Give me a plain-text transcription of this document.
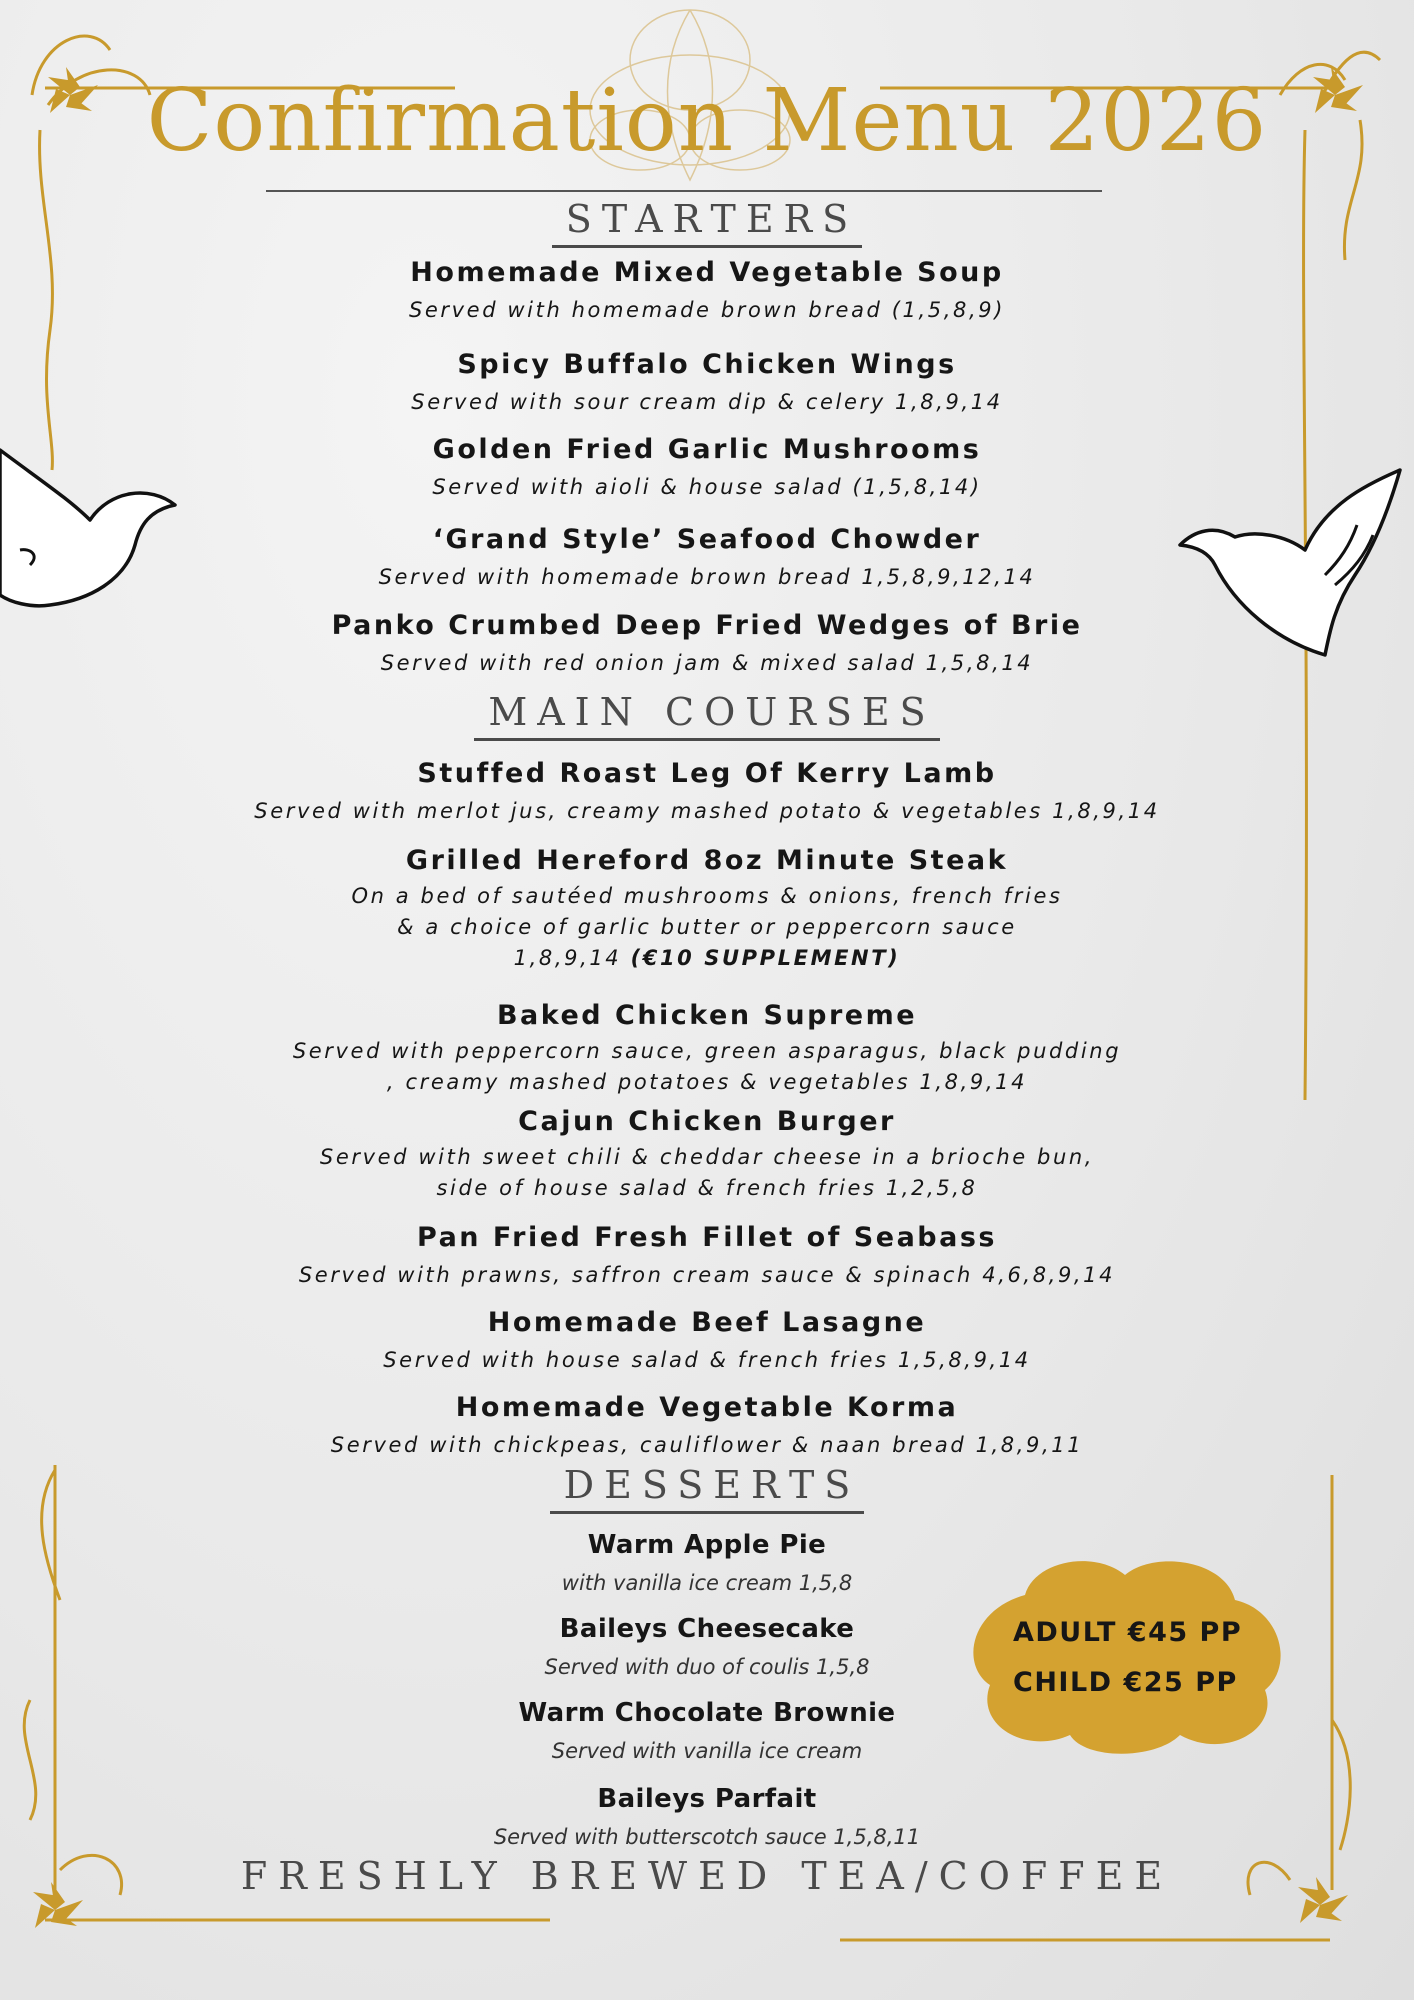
Confirmation Menu 2026
STARTERS
Homemade Mixed Vegetable Soup
Served with homemade brown bread (1,5,8,9)
Spicy Buffalo Chicken Wings
Served with sour cream dip & celery 1,8,9,14
Golden Fried Garlic Mushrooms
Served with aioli & house salad (1,5,8,14)
‘Grand Style’ Seafood Chowder
Served with homemade brown bread 1,5,8,9,12,14
Panko Crumbed Deep Fried Wedges of Brie
Served with red onion jam & mixed salad 1,5,8,14
MAIN COURSES
Stuffed Roast Leg Of Kerry Lamb
Served with merlot jus, creamy mashed potato & vegetables 1,8,9,14
Grilled Hereford 8oz Minute Steak
On a bed of sautéed mushrooms & onions, french fries
& a choice of garlic butter or peppercorn sauce
1,8,9,14 (€10 SUPPLEMENT)
Baked Chicken Supreme
Served with peppercorn sauce, green asparagus, black pudding
, creamy mashed potatoes & vegetables 1,8,9,14
Cajun Chicken Burger
Served with sweet chili & cheddar cheese in a brioche bun,
side of house salad & french fries 1,2,5,8
Pan Fried Fresh Fillet of Seabass
Served with prawns, saffron cream sauce & spinach 4,6,8,9,14
Homemade Beef Lasagne
Served with house salad & french fries 1,5,8,9,14
Homemade Vegetable Korma
Served with chickpeas, cauliflower & naan bread 1,8,9,11
DESSERTS
Warm Apple Pie
with vanilla ice cream 1,5,8
Baileys Cheesecake
Served with duo of coulis 1,5,8
Warm Chocolate Brownie
Served with vanilla ice cream
Baileys Parfait
Served with butterscotch sauce 1,5,8,11
FRESHLY BREWED TEA/COFFEE
ADULT €45 PP
CHILD €25 PP
